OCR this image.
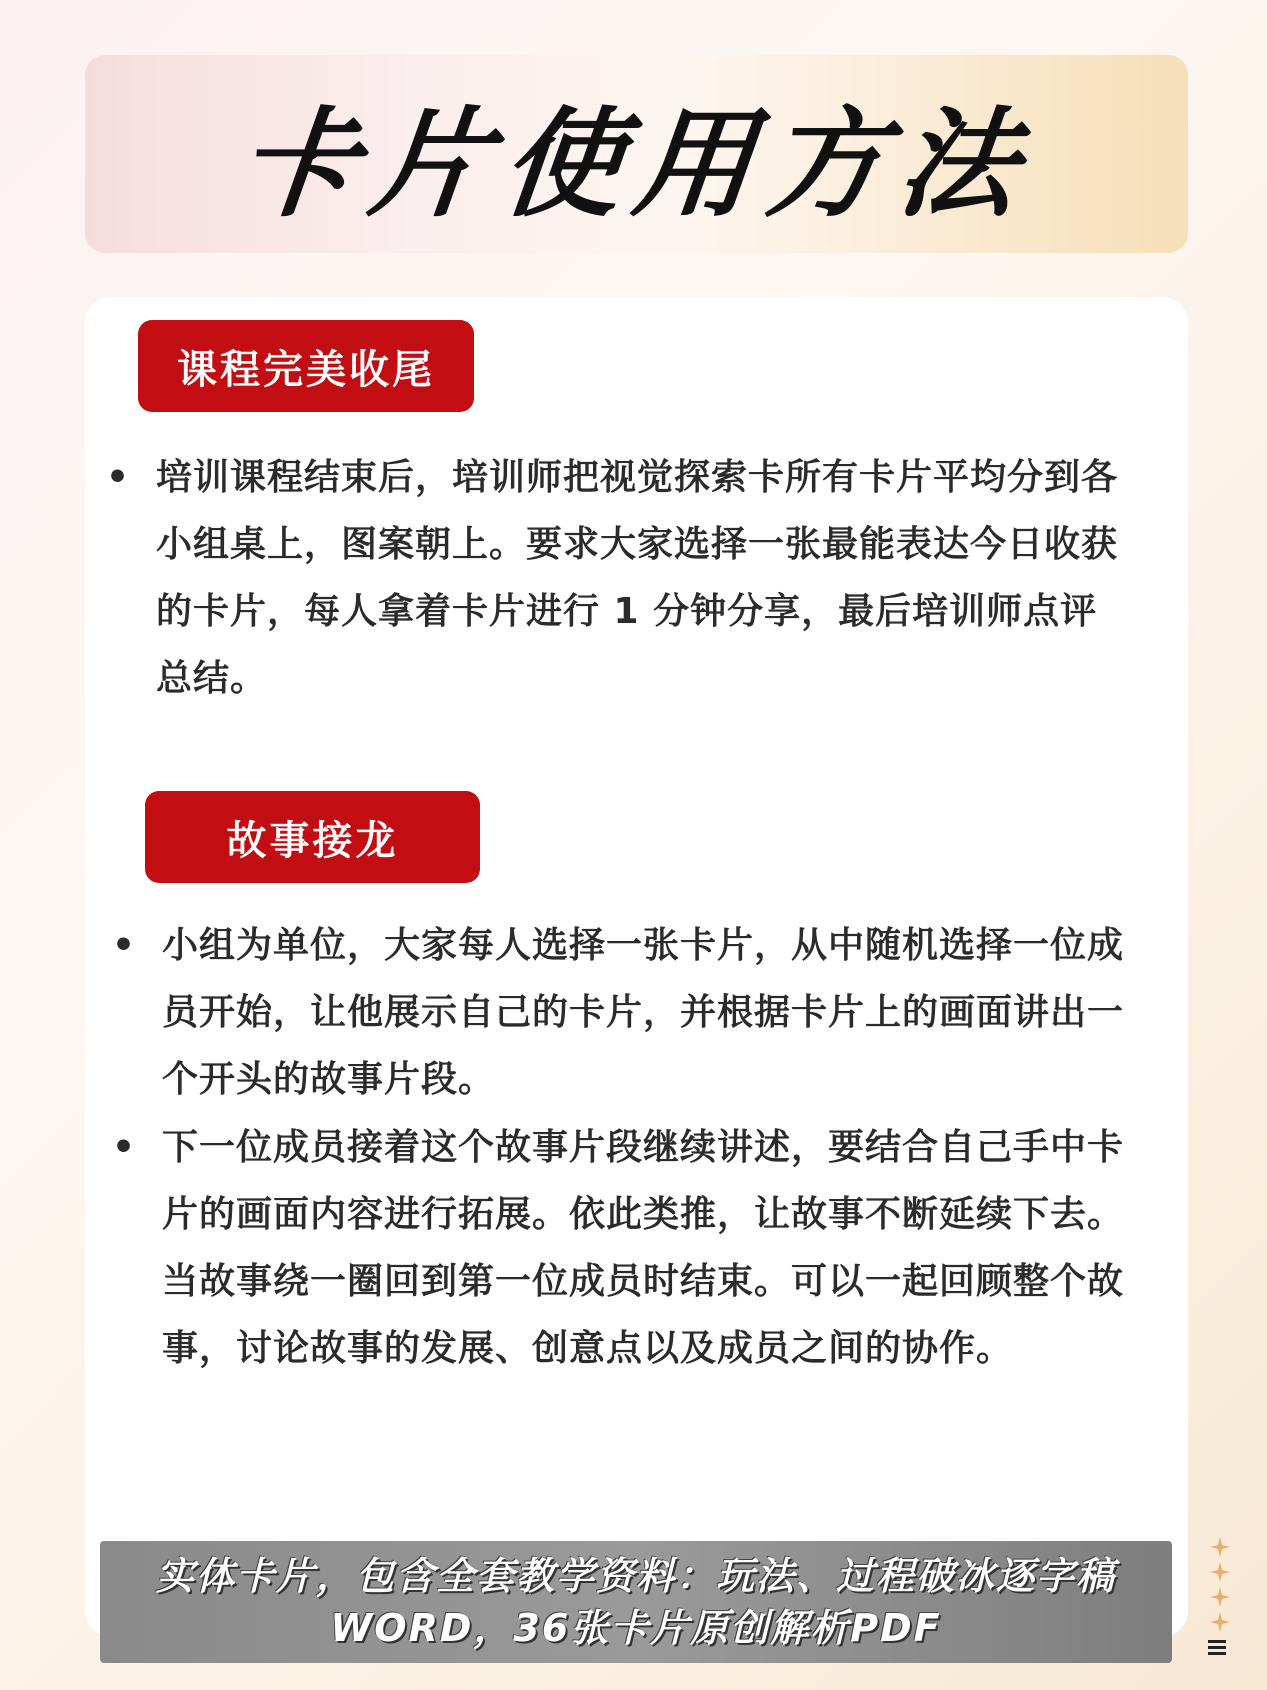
卡片使用方法
课程完美收尾
• 培训课程结束后，培训师把视觉探索卡所有卡片平均分到各小组桌上，图案朝上。要求大家选择一张最能表达今日收获的卡片，每人拿着卡片进行 1 分钟分享，最后培训师点评总结。
故事接龙
• 小组为单位，大家每人选择一张卡片，从中随机选择一位成员开始，让他展示自己的卡片，并根据卡片上的画面讲出一个开头的故事片段。
• 下一位成员接着这个故事片段继续讲述，要结合自己手中卡片的画面内容进行拓展。依此类推，让故事不断延续下去。当故事绕一圈回到第一位成员时结束。可以一起回顾整个故事，讨论故事的发展、创意点以及成员之间的协作。
实体卡片，包含全套教学资料：玩法、过程破冰逐字稿
WORD，36张卡片原创解析PDF
